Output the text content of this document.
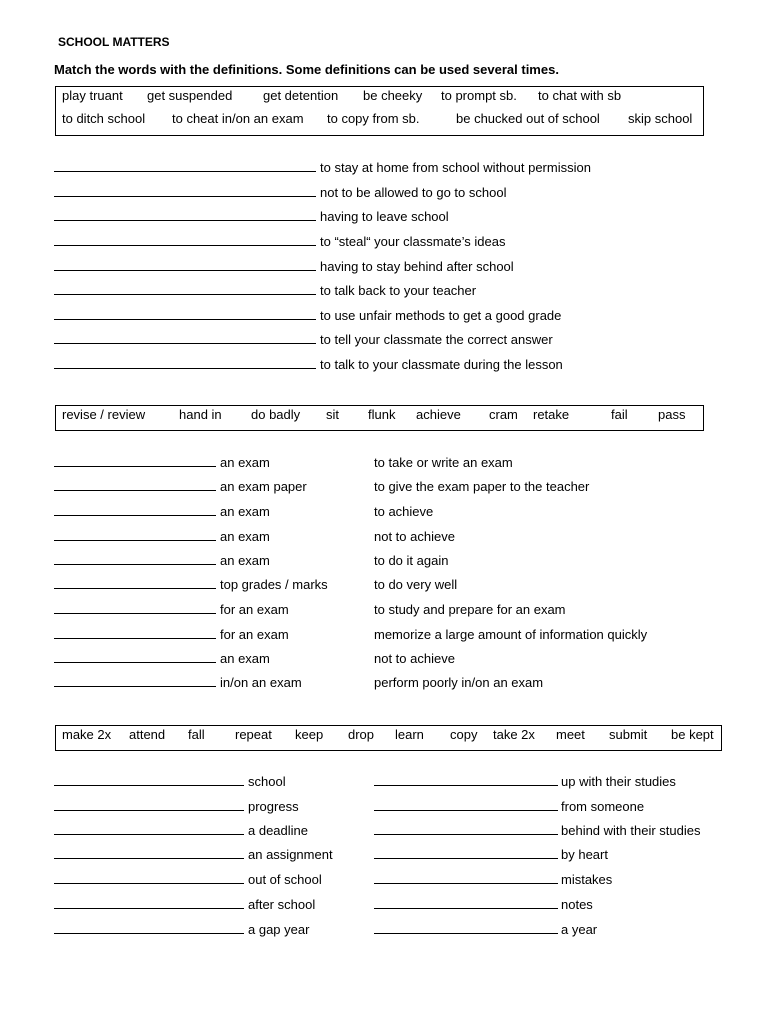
SCHOOL MATTERS
Match the words with the definitions. Some definitions can be used several times.
play truant get suspended get detention be cheeky to prompt sb. to chat with sb
to ditch school to cheat in/on an exam to copy from sb.	be chucked out of school skip school
to stay at home from school without permission
not to be allowed to go to school
having to leave school
to “steal“ your classmate’s ideas
having to stay behind after school
to talk back to your teacher
to use unfair methods to get a good grade
to tell your classmate the correct answer
to talk to your classmate during the lesson
revise / review	hand in do badly sit flunk achieve cram retake	fail pass
an exam	to take or write an exam
an exam paper	to give the exam paper to the teacher
an exam	to achieve
an exam	not to achieve
an exam	to do it again
top grades / marks	to do very well
for an exam	to study and prepare for an exam
for an exam	memorize a large amount of information quickly
an exam	not to achieve
in/on an exam	perform poorly in/on an exam
make 2x attend fall repeat keep drop learn copy take 2x meet submit be kept
school	up with their studies
progress	from someone
a deadline	behind with their studies
an assignment	by heart
out of school	mistakes
after school	notes
a gap year	a year
